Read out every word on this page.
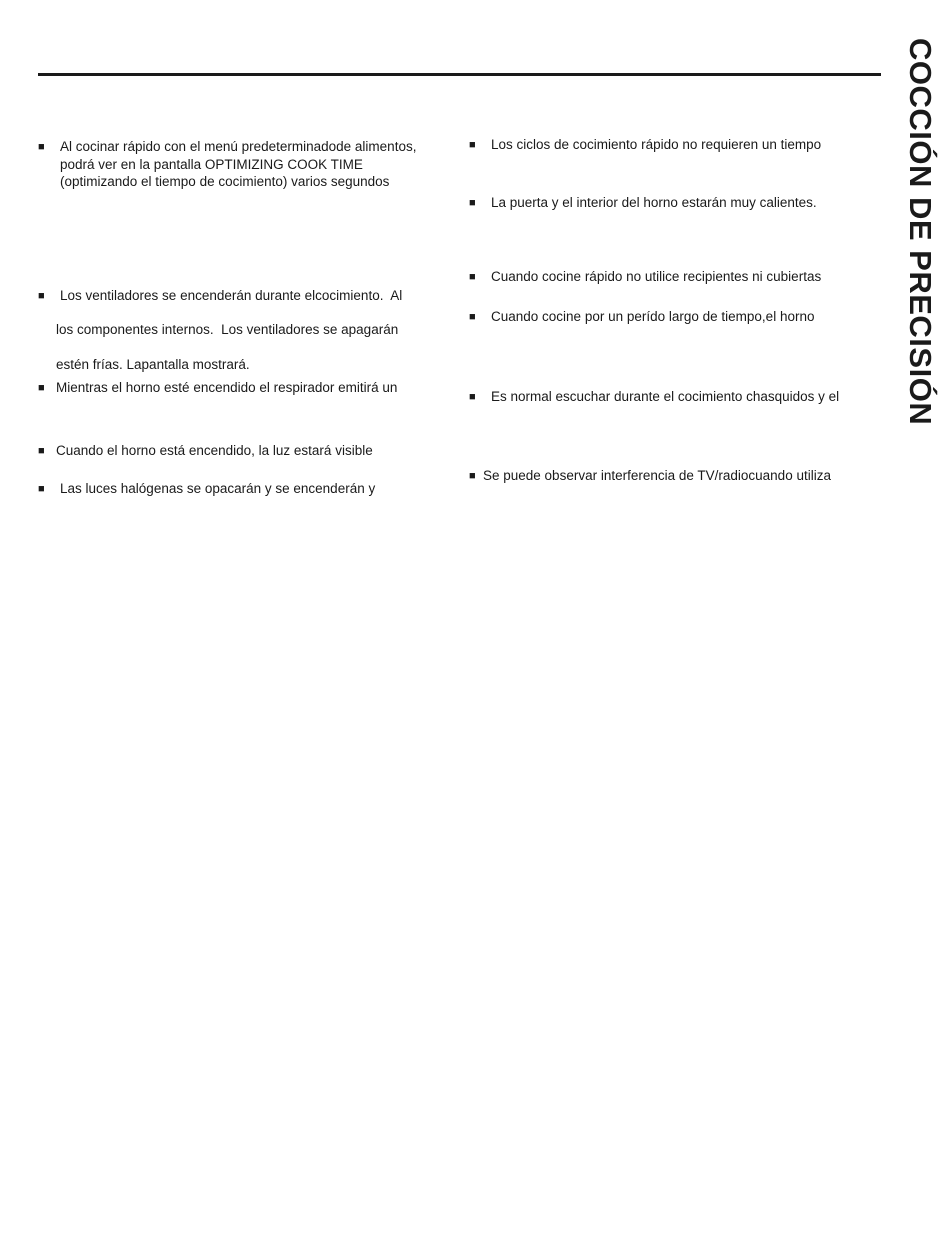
COCCIÓN DE PRECISIÓN
■ Al cocinar rápido con el menú predeterminadode alimentos,
podrá ver en la pantalla OPTIMIZING COOK TIME
(optimizando el tiempo de cocimiento) varios segundos
■ Los ventiladores se encenderán durante elcocimiento.  Al
los componentes internos.  Los ventiladores se apagarán
estén frías. Lapantalla mostrará.
■ Mientras el horno esté encendido el respirador emitirá un
■ Cuando el horno está encendido, la luz estará visible
■ Las luces halógenas se opacarán y se encenderán y
■ Los ciclos de cocimiento rápido no requieren un tiempo
■ La puerta y el interior del horno estarán muy calientes.
■ Cuando cocine rápido no utilice recipientes ni cubiertas
■ Cuando cocine por un perído largo de tiempo,el horno
■ Es normal escuchar durante el cocimiento chasquidos y el
■ Se puede observar interferencia de TV/radiocuando utiliza
